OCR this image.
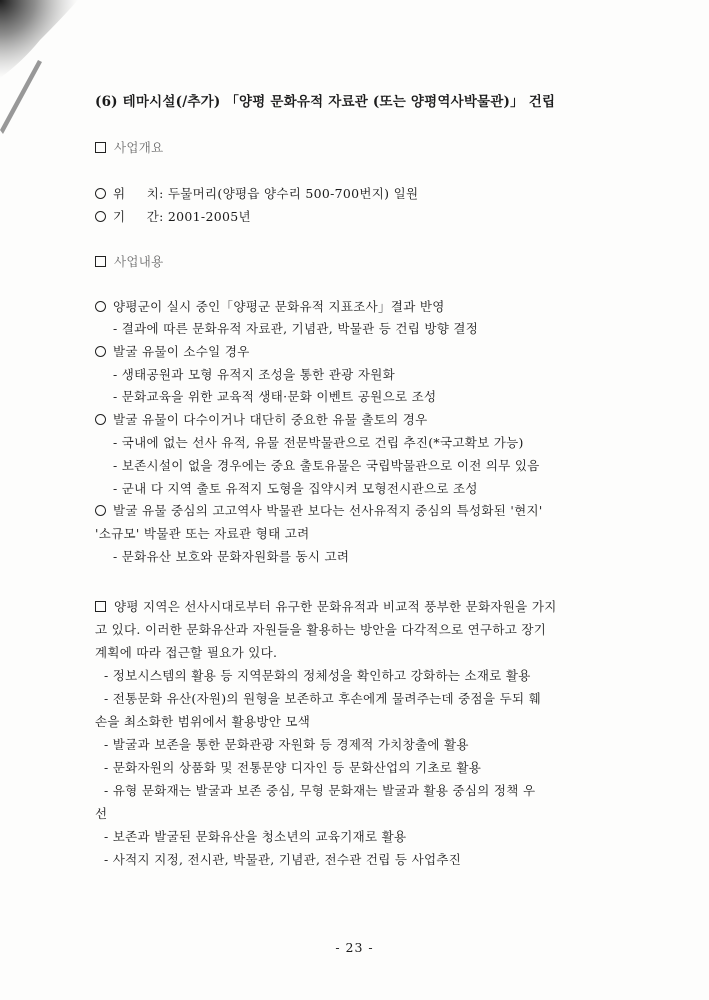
(6) 테마시설(/추가) 「양평 문화유적 자료관 (또는 양평역사박물관)」 건립
사업개요
위     치: 두물머리(양평읍 양수리 500-700번지) 일원
기     간: 2001-2005년
사업내용
양평군이 실시 중인「양평군 문화유적 지표조사」결과 반영
- 결과에 따른 문화유적 자료관, 기념관, 박물관 등 건립 방향 결정
발굴 유물이 소수일 경우
- 생태공원과 모형 유적지 조성을 통한 관광 자원화
- 문화교육을 위한 교육적 생태·문화 이벤트 공원으로 조성
발굴 유물이 다수이거나 대단히 중요한 유물 출토의 경우
- 국내에 없는 선사 유적, 유물 전문박물관으로 건립 추진(*국고확보 가능)
- 보존시설이 없을 경우에는 중요 출토유물은 국립박물관으로 이전 의무 있음
- 군내 다 지역 출토 유적지 도형을 집약시켜 모형전시관으로 조성
발굴 유물 중심의 고고역사 박물관 보다는 선사유적지 중심의 특성화된 '현지'
'소규모' 박물관 또는 자료관 형태 고려
- 문화유산 보호와 문화자원화를 동시 고려
양평 지역은 선사시대로부터 유구한 문화유적과 비교적 풍부한 문화자원을 가지
고 있다. 이러한 문화유산과 자원들을 활용하는 방안을 다각적으로 연구하고 장기
계획에 따라 접근할 필요가 있다.
- 정보시스템의 활용 등 지역문화의 정체성을 확인하고 강화하는 소재로 활용
- 전통문화 유산(자원)의 원형을 보존하고 후손에게 물려주는데 중점을 두되 훼
손을 최소화한 범위에서 활용방안 모색
- 발굴과 보존을 통한 문화관광 자원화 등 경제적 가치창출에 활용
- 문화자원의 상품화 및 전통문양 디자인 등 문화산업의 기초로 활용
- 유형 문화재는 발굴과 보존 중심, 무형 문화재는 발굴과 활용 중심의 정책 우
선
- 보존과 발굴된 문화유산을 청소년의 교육기재로 활용
- 사적지 지정, 전시관, 박물관, 기념관, 전수관 건립 등 사업추진
- 23 -
